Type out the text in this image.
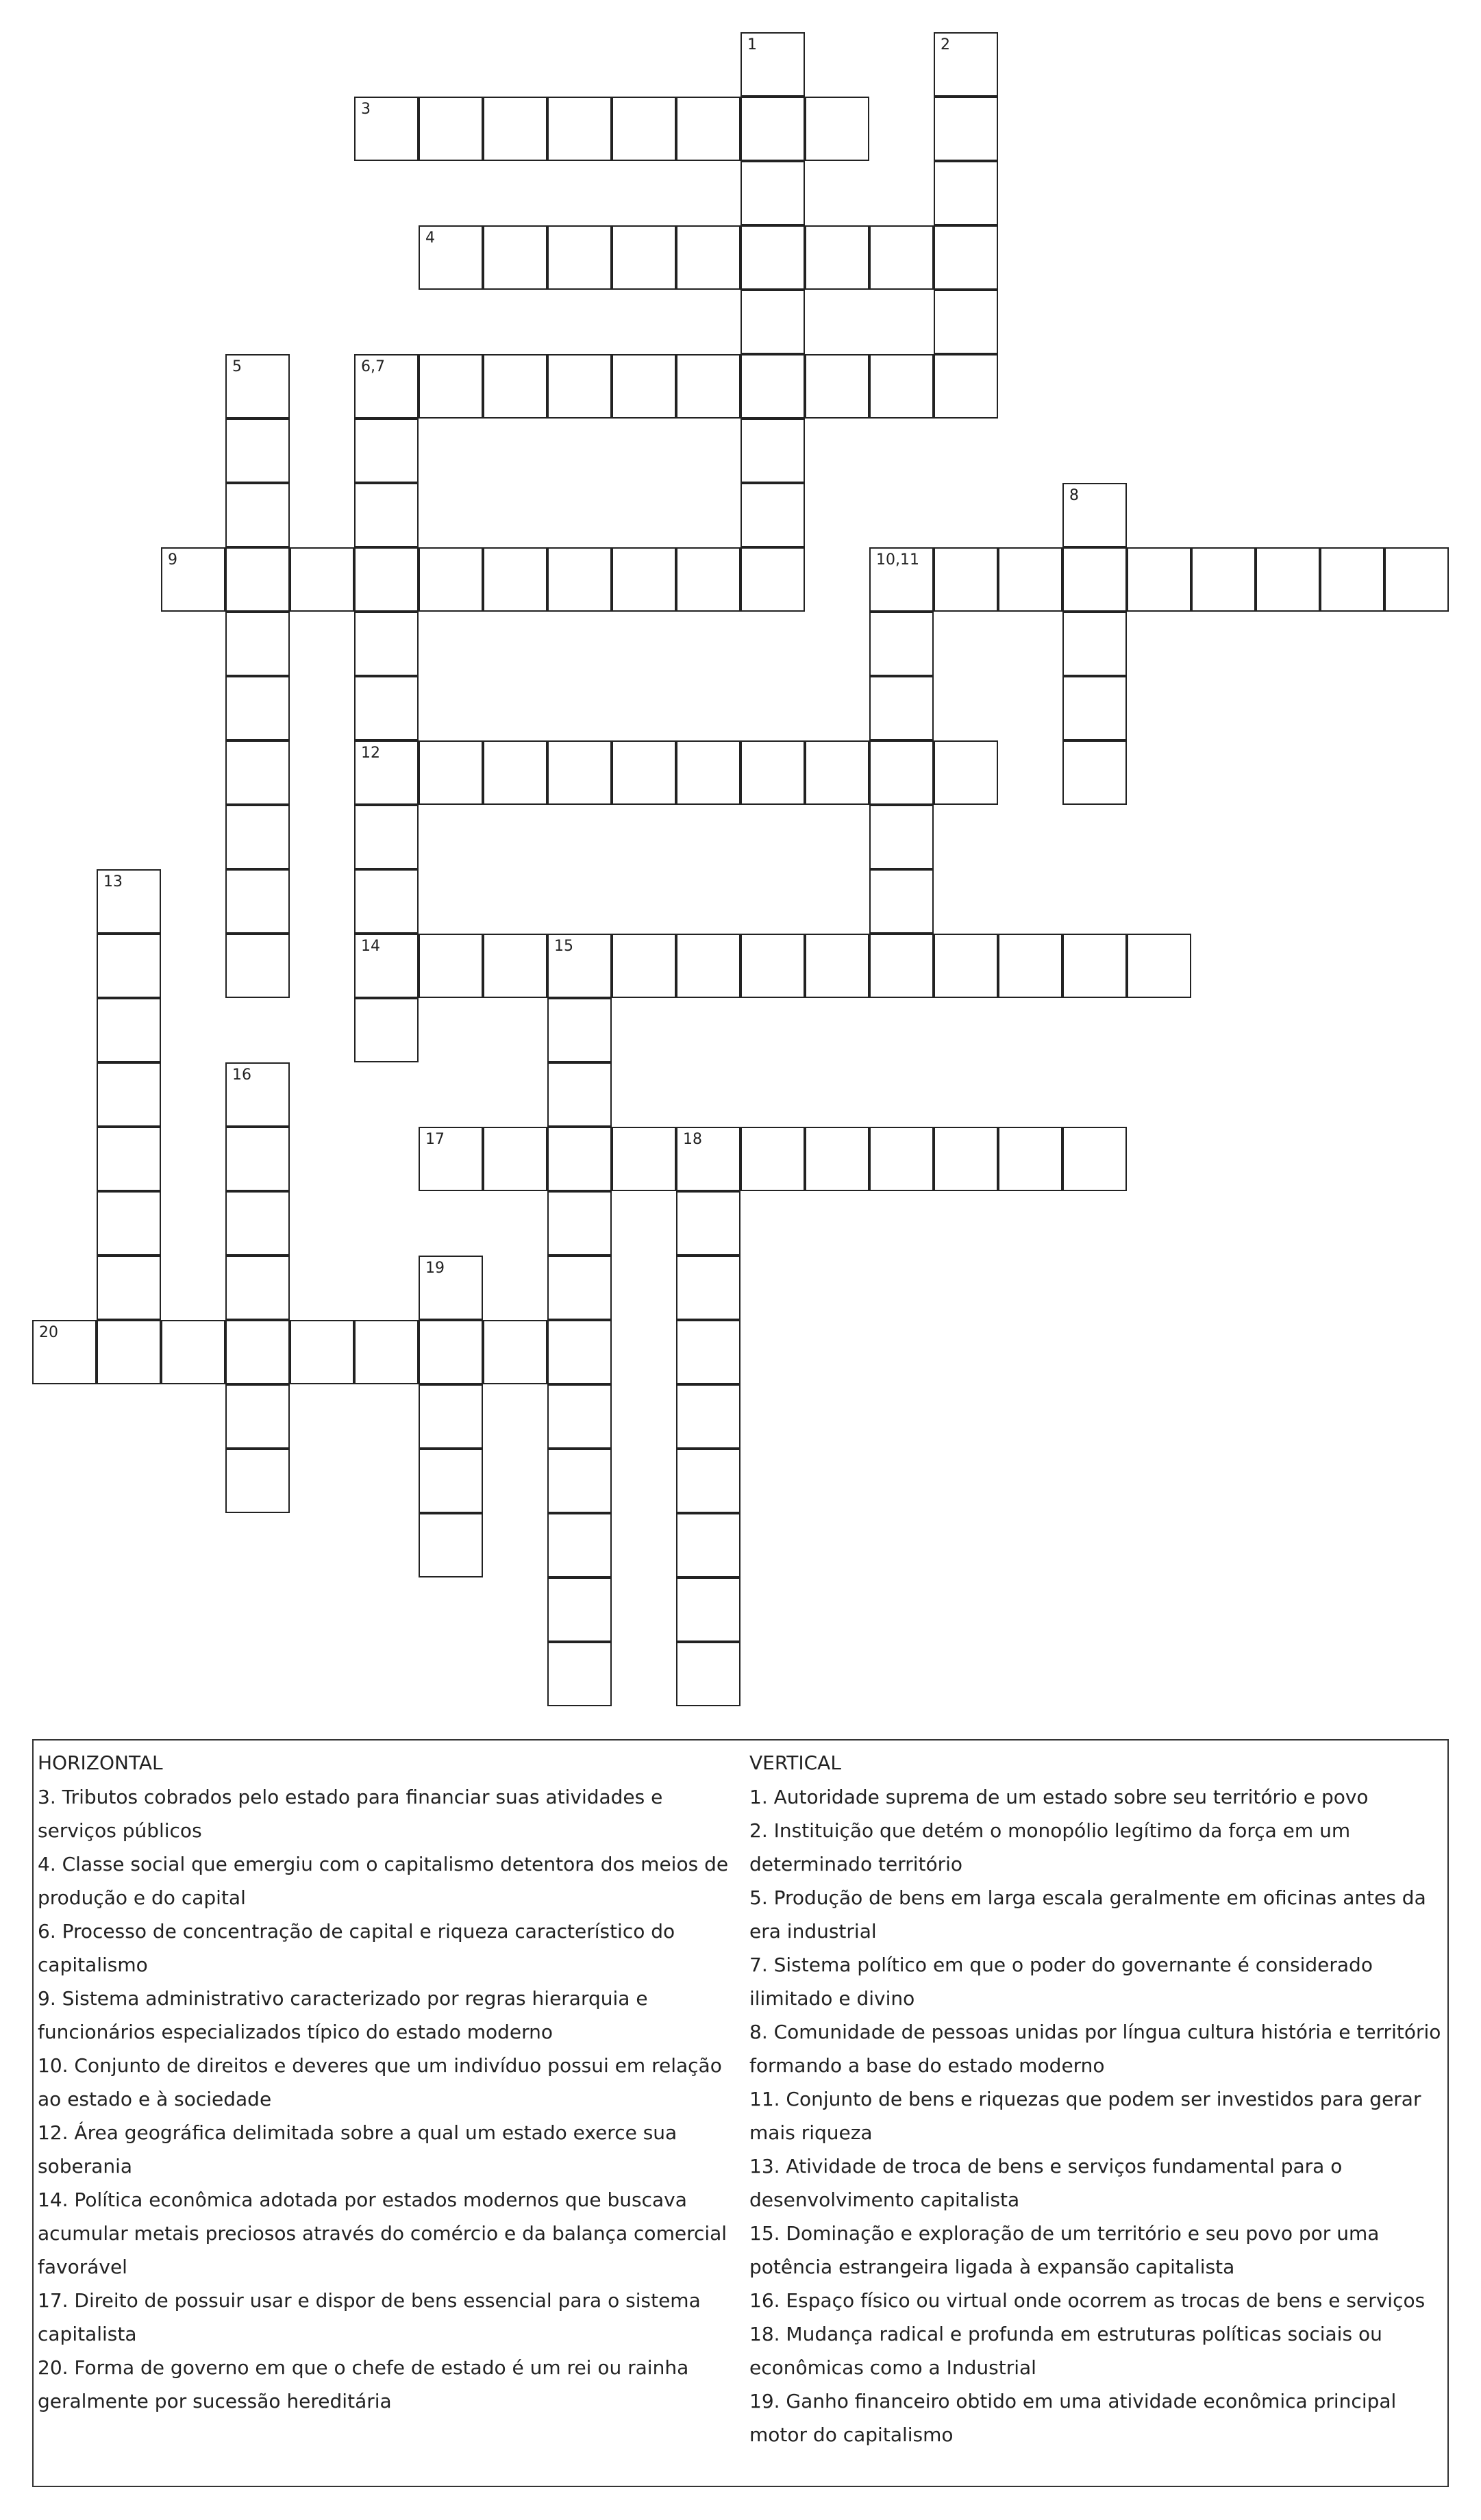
3
4
6,7
9	10,11
12
14	15
17	18
20
1	2
5
8
13
16
19

HORIZONTAL

3. Tributos cobrados pelo estado para financiar suas atividades e serviços públicos

4. Classe social que emergiu com o capitalismo detentora dos meios de produção e do capital

6. Processo de concentração de capital e riqueza característico do capitalismo

9. Sistema administrativo caracterizado por regras hierarquia e funcionários especializados típico do estado moderno

10. Conjunto de direitos e deveres que um indivíduo possui em relação ao estado e à sociedade

12. Área geográfica delimitada sobre a qual um estado exerce sua soberania

14. Política econômica adotada por estados modernos que buscava acumular metais preciosos através do comércio e da balança comercial favorável

17. Direito de possuir usar e dispor de bens essencial para o sistema capitalista

20. Forma de governo em que o chefe de estado é um rei ou rainha geralmente por sucessão hereditária

VERTICAL

1. Autoridade suprema de um estado sobre seu território e povo

2. Instituição que detém o monopólio legítimo da força em um determinado território

5. Produção de bens em larga escala geralmente em oficinas antes da era industrial

7. Sistema político em que o poder do governante é considerado ilimitado e divino

8. Comunidade de pessoas unidas por língua cultura história e território formando a base do estado moderno

11. Conjunto de bens e riquezas que podem ser investidos para gerar mais riqueza

13. Atividade de troca de bens e serviços fundamental para o desenvolvimento capitalista

15. Dominação e exploração de um território e seu povo por uma potência estrangeira ligada à expansão capitalista

16. Espaço físico ou virtual onde ocorrem as trocas de bens e serviços

18. Mudança radical e profunda em estruturas políticas sociais ou econômicas como a Industrial

19. Ganho financeiro obtido em uma atividade econômica principal motor do capitalismo
